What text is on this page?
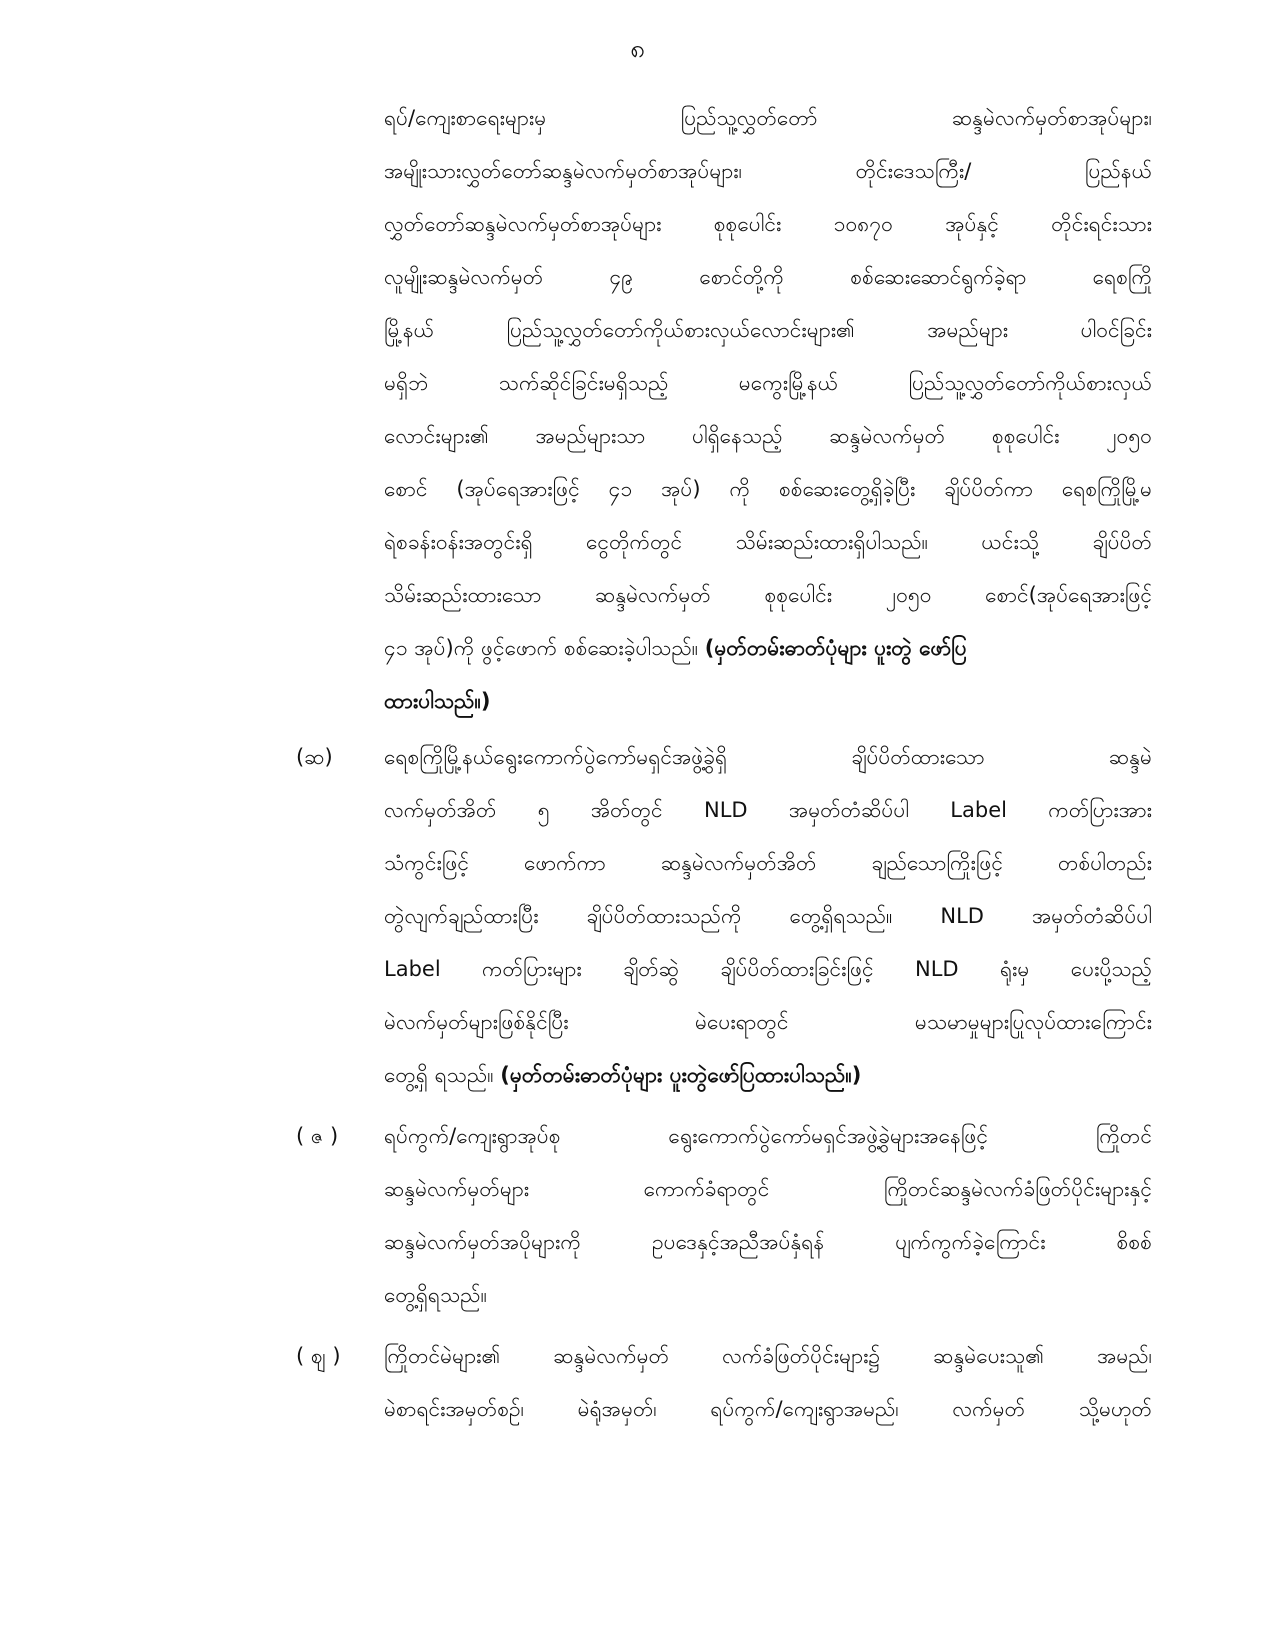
၈
ရပ်/ကျေးစာရေးများမှ ပြည်သူ့လွှတ်တော် ဆန္ဒမဲလက်မှတ်စာအုပ်များ၊
အမျိုးသားလွှတ်တော်ဆန္ဒမဲလက်မှတ်စာအုပ်များ၊ တိုင်းဒေသကြီး/ ပြည်နယ်
လွှတ်တော်ဆန္ဒမဲလက်မှတ်စာအုပ်များ စုစုပေါင်း ၁၀၈၇၀ အုပ်နှင့် တိုင်းရင်းသား
လူမျိုးဆန္ဒမဲလက်မှတ် ၄၉ စောင်တို့ကို စစ်ဆေးဆောင်ရွက်ခဲ့ရာ ရေစကြို
မြို့နယ် ပြည်သူ့လွှတ်တော်ကိုယ်စားလှယ်လောင်းများ၏ အမည်များ ပါဝင်ခြင်း
မရှိဘဲ သက်ဆိုင်ခြင်းမရှိသည့် မကွေးမြို့နယ် ပြည်သူ့လွှတ်တော်ကိုယ်စားလှယ်
လောင်းများ၏ အမည်များသာ ပါရှိနေသည့် ဆန္ဒမဲလက်မှတ် စုစုပေါင်း ၂၀၅၀
စောင် (အုပ်ရေအားဖြင့် ၄၁ အုပ်) ကို စစ်ဆေးတွေ့ရှိခဲ့ပြီး ချိပ်ပိတ်ကာ ရေစကြိုမြို့မ
ရဲစခန်းဝန်းအတွင်းရှိ ငွေတိုက်တွင် သိမ်းဆည်းထားရှိပါသည်။ ယင်းသို့ ချိပ်ပိတ်
သိမ်းဆည်းထားသော ဆန္ဒမဲလက်မှတ် စုစုပေါင်း ၂၀၅၀ စောင်(အုပ်ရေအားဖြင့်
၄၁ အုပ်)ကို ဖွင့်ဖောက် စစ်ဆေးခဲ့ပါသည်။ (မှတ်တမ်းဓာတ်ပုံများ ပူးတွဲ ဖော်ပြ
ထားပါသည်။)
(ဆ) ရေစကြိုမြို့နယ်ရွေးကောက်ပွဲကော်မရှင်အဖွဲ့ခွဲရှိ ချိပ်ပိတ်ထားသော ဆန္ဒမဲ
လက်မှတ်အိတ် ၅ အိတ်တွင် NLD အမှတ်တံဆိပ်ပါ Label ကတ်ပြားအား
သံကွင်းဖြင့် ဖောက်ကာ ဆန္ဒမဲလက်မှတ်အိတ် ချည်သောကြိုးဖြင့် တစ်ပါတည်း
တွဲလျက်ချည်ထားပြီး ချိပ်ပိတ်ထားသည်ကို တွေ့ရှိရသည်။ NLD အမှတ်တံဆိပ်ပါ
Label ကတ်ပြားများ ချိတ်ဆွဲ ချိပ်ပိတ်ထားခြင်းဖြင့် NLD ရုံးမှ ပေးပို့သည့်
မဲလက်မှတ်များဖြစ်နိုင်ပြီး မဲပေးရာတွင် မသမာမှုများပြုလုပ်ထားကြောင်း
တွေ့ရှိ ရသည်။ (မှတ်တမ်းဓာတ်ပုံများ ပူးတွဲဖော်ပြထားပါသည်။)
( ဇ ) ရပ်ကွက်/ကျေးရွာအုပ်စု ရွေးကောက်ပွဲကော်မရှင်အဖွဲ့ခွဲများအနေဖြင့် ကြိုတင်
ဆန္ဒမဲလက်မှတ်များ ကောက်ခံရာတွင် ကြိုတင်ဆန္ဒမဲလက်ခံဖြတ်ပိုင်းများနှင့်
ဆန္ဒမဲလက်မှတ်အပိုများကို ဥပဒေနှင့်အညီအပ်နှံရန် ပျက်ကွက်ခဲ့ကြောင်း စိစစ်
တွေ့ရှိရသည်။
( ဈ ) ကြိုတင်မဲများ၏ ဆန္ဒမဲလက်မှတ် လက်ခံဖြတ်ပိုင်းများ၌ ဆန္ဒမဲပေးသူ၏ အမည်၊
မဲစာရင်းအမှတ်စဉ်၊ မဲရုံအမှတ်၊ ရပ်ကွက်/ကျေးရွာအမည်၊ လက်မှတ် သို့မဟုတ်
